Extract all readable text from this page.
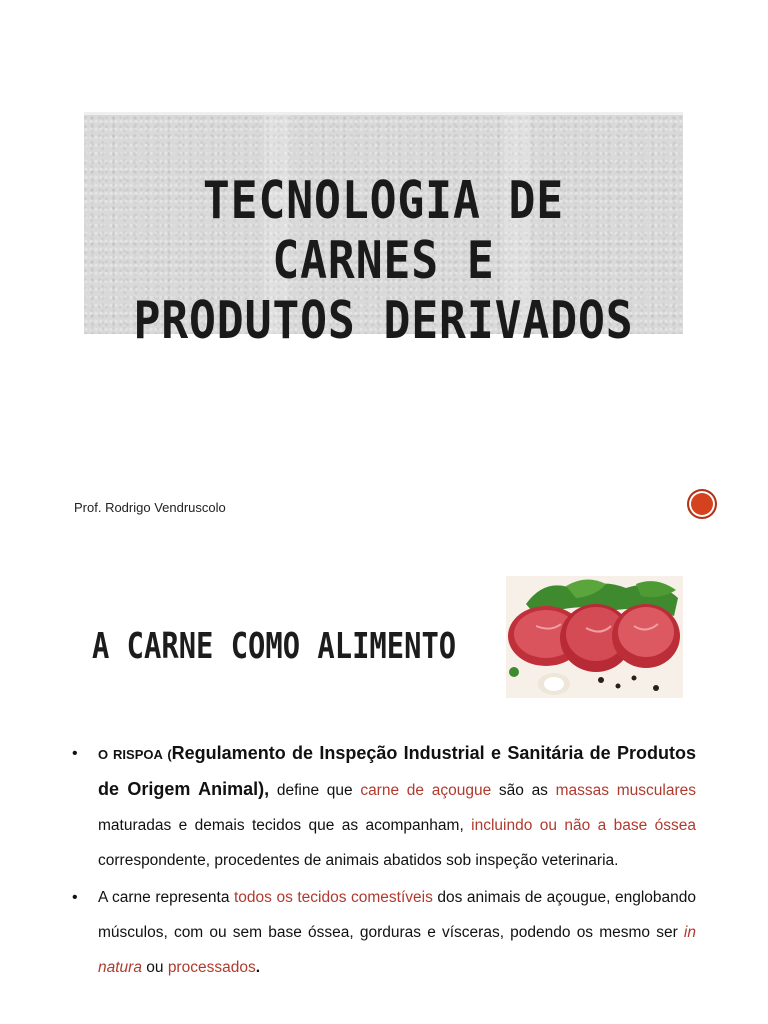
TECNOLOGIA DE CARNES E
PRODUTOS DERIVADOS
Prof. Rodrigo Vendruscolo
A CARNE COMO ALIMENTO
• O RISPOA (Regulamento de Inspeção Industrial e Sanitária de Produtos de Origem Animal), define que carne de açougue são as massas musculares maturadas e demais tecidos que as acompanham, incluindo ou não a base óssea correspondente, procedentes de animais abatidos sob inspeção veterinaria.
• A carne representa todos os tecidos comestíveis dos animais de açougue, englobando músculos, com ou sem base óssea, gorduras e vísceras, podendo os mesmo ser in natura ou processados.
